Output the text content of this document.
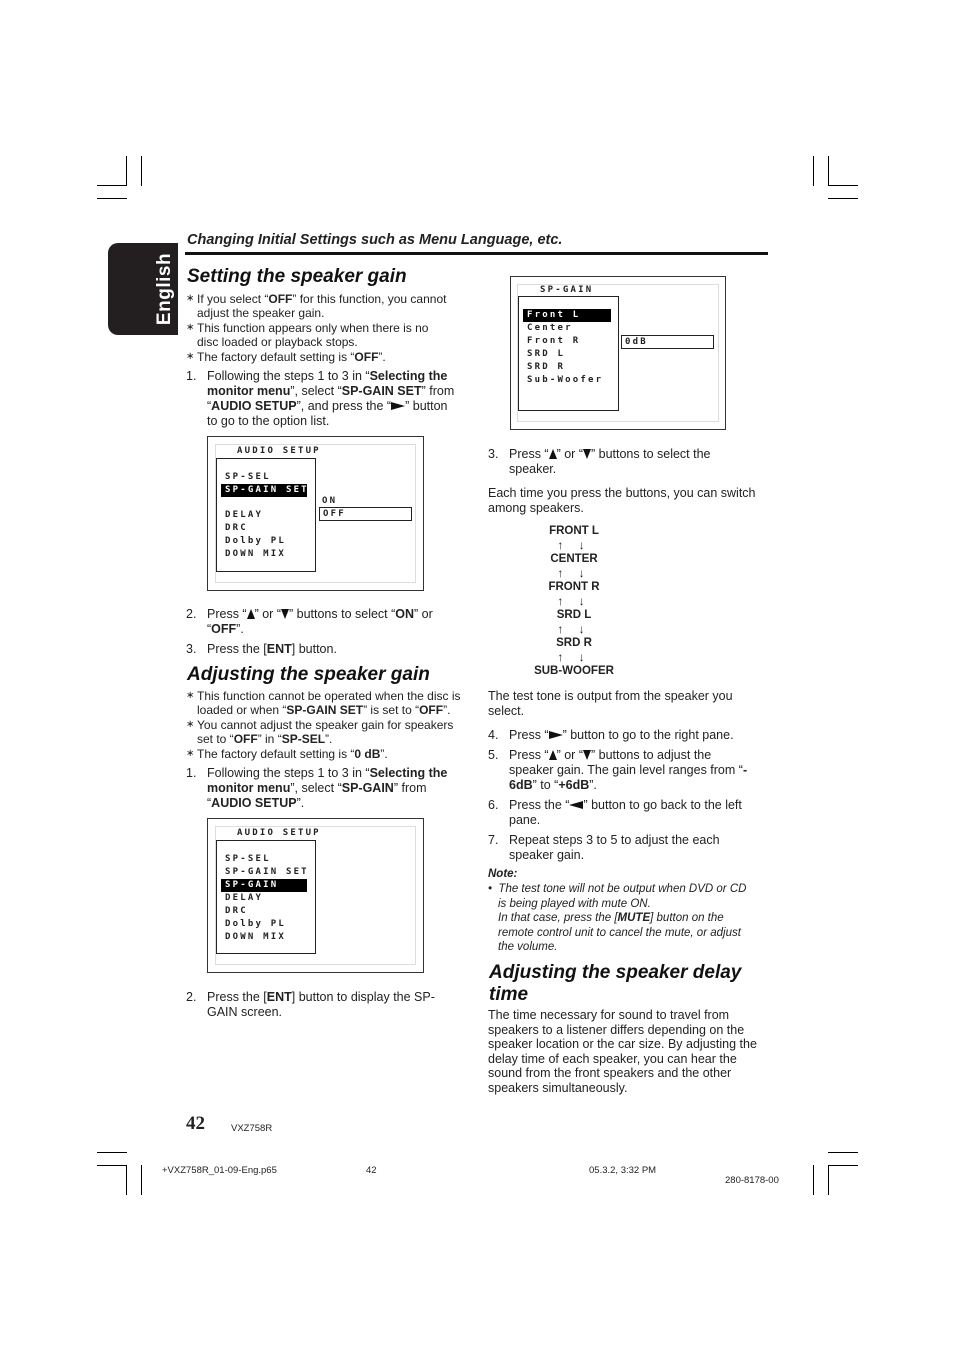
English
Changing Initial Settings such as Menu Language, etc.
Setting the speaker gain
∗ If you select “OFF” for this function, you cannot
adjust the speaker gain.
∗ This function appears only when there is no
disc loaded or playback stops.
∗ The factory default setting is “OFF”.
1. Following the steps 1 to 3 in “Selecting the
monitor menu”, select “SP-GAIN SET” from
“AUDIO SETUP”, and press the “ ” button
to go to the option list.
AUDIO SETUP
SP-SEL
SP-GAIN SET
DELAY
DRC
Dolby PL
DOWN MIX
ON
OFF
2. Press “ ” or “ ” buttons to select “ON” or
“OFF”.
3. Press the [ENT] button.
Adjusting the speaker gain
∗ This function cannot be operated when the disc is
loaded or when “SP-GAIN SET” is set to “OFF”.
∗ You cannot adjust the speaker gain for speakers
set to “OFF” in “SP-SEL”.
∗ The factory default setting is “0 dB”.
1. Following the steps 1 to 3 in “Selecting the
monitor menu”, select “SP-GAIN” from
“AUDIO SETUP”.
AUDIO SETUP
SP-SEL
SP-GAIN SET
SP-GAIN
DELAY
DRC
Dolby PL
DOWN MIX
2. Press the [ENT] button to display the SP-
GAIN screen.
SP-GAIN
Front L
Center
Front R
SRD L
SRD R
Sub-Woofer
0dB
3. Press “ ” or “ ” buttons to select the
speaker.
Each time you press the buttons, you can switch
among speakers.
FRONT L
↑ ↓
CENTER
↑ ↓
FRONT R
↑ ↓
SRD L
↑ ↓
SRD R
↑ ↓
SUB-WOOFER
The test tone is output from the speaker you
select.
4. Press “ ” button to go to the right pane.
5. Press “ ” or “ ” buttons to adjust the
speaker gain. The gain level ranges from “-
6dB” to “+6dB”.
6. Press the “ ” button to go back to the left
pane.
7. Repeat steps 3 to 5 to adjust the each
speaker gain.
Note:
•  The test tone will not be output when DVD or CD
is being played with mute ON.
In that case, press the [MUTE] button on the
remote control unit to cancel the mute, or adjust
the volume.
Adjusting the speaker delay
time
The time necessary for sound to travel from
speakers to a listener differs depending on the
speaker location or the car size. By adjusting the
delay time of each speaker, you can hear the
sound from the front speakers and the other
speakers simultaneously.
42	VXZ758R
+VXZ758R_01-09-Eng.p65	42	05.3.2, 3:32 PM
280-8178-00
